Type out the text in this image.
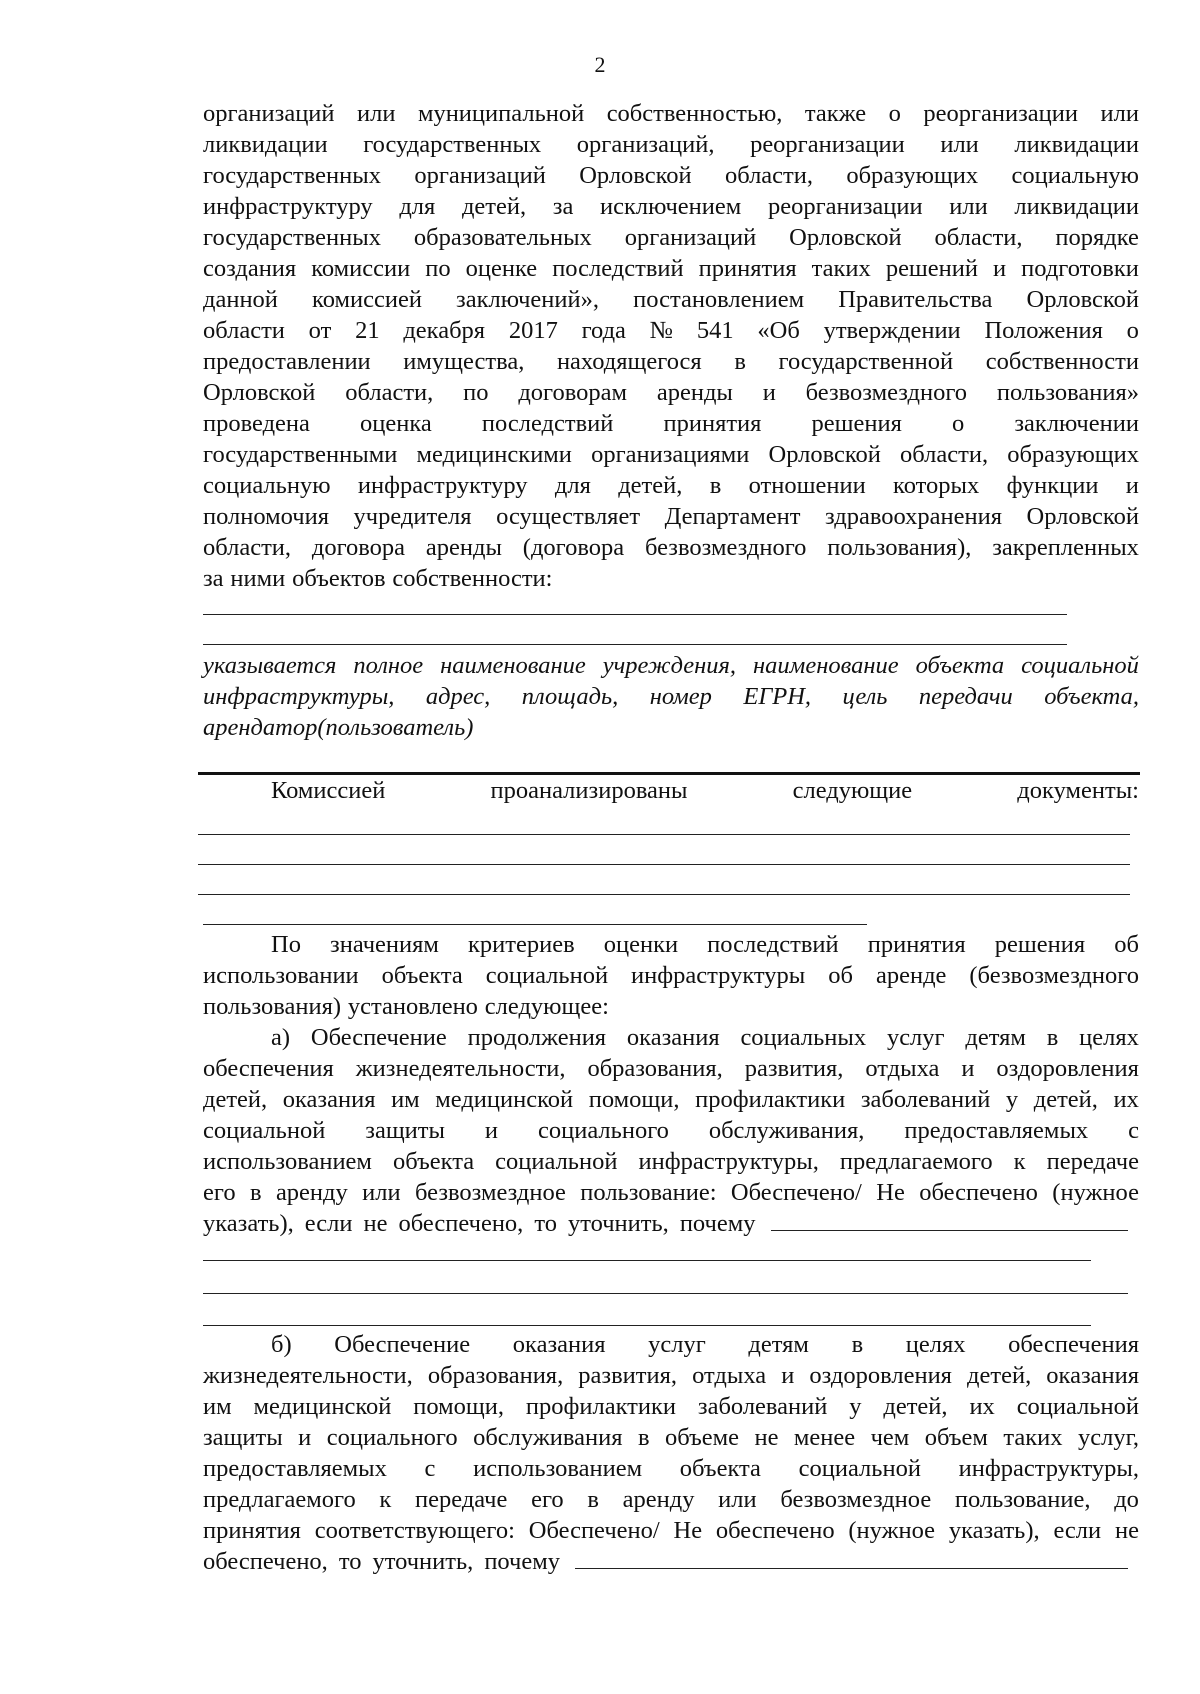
2
организаций или муниципальной собственностью, также о реорганизации или
ликвидации государственных организаций, реорганизации или ликвидации
государственных организаций Орловской области, образующих социальную
инфраструктуру для детей, за исключением реорганизации или ликвидации
государственных образовательных организаций Орловской области, порядке
создания комиссии по оценке последствий принятия таких решений и подготовки
данной комиссией заключений», постановлением Правительства Орловской
области от 21 декабря 2017 года № 541 «Об утверждении Положения о
предоставлении имущества, находящегося в государственной собственности
Орловской области, по договорам аренды и безвозмездного пользования»
проведена оценка последствий принятия решения о заключении
государственными медицинскими организациями Орловской области, образующих
социальную инфраструктуру для детей, в отношении которых функции и
полномочия учредителя осуществляет Департамент здравоохранения Орловской
области, договора аренды (договора безвозмездного пользования), закрепленных
за ними объектов собственности:
указывается полное наименование учреждения, наименование объекта социальной
инфраструктуры, адрес, площадь, номер ЕГРН, цель передачи объекта,
арендатор(пользователь)
Комиссией	проанализированы	следующие	документы:
По значениям критериев оценки последствий принятия решения об
использовании объекта социальной инфраструктуры об аренде (безвозмездного
пользования) установлено следующее:
а) Обеспечение продолжения оказания социальных услуг детям в целях
обеспечения жизнедеятельности, образования, развития, отдыха и оздоровления
детей, оказания им медицинской помощи, профилактики заболеваний у детей, их
социальной защиты и социального обслуживания, предоставляемых с
использованием объекта социальной инфраструктуры, предлагаемого к передаче
его в аренду или безвозмездное пользование: Обеспечено/ Не обеспечено (нужное
указать), если не обеспечено, то уточнить, почему
б) Обеспечение оказания услуг детям в целях обеспечения
жизнедеятельности, образования, развития, отдыха и оздоровления детей, оказания
им медицинской помощи, профилактики заболеваний у детей, их социальной
защиты и социального обслуживания в объеме не менее чем объем таких услуг,
предоставляемых с использованием объекта социальной инфраструктуры,
предлагаемого к передаче его в аренду или безвозмездное пользование, до
принятия соответствующего: Обеспечено/ Не обеспечено (нужное указать), если не
обеспечено, то уточнить, почему
